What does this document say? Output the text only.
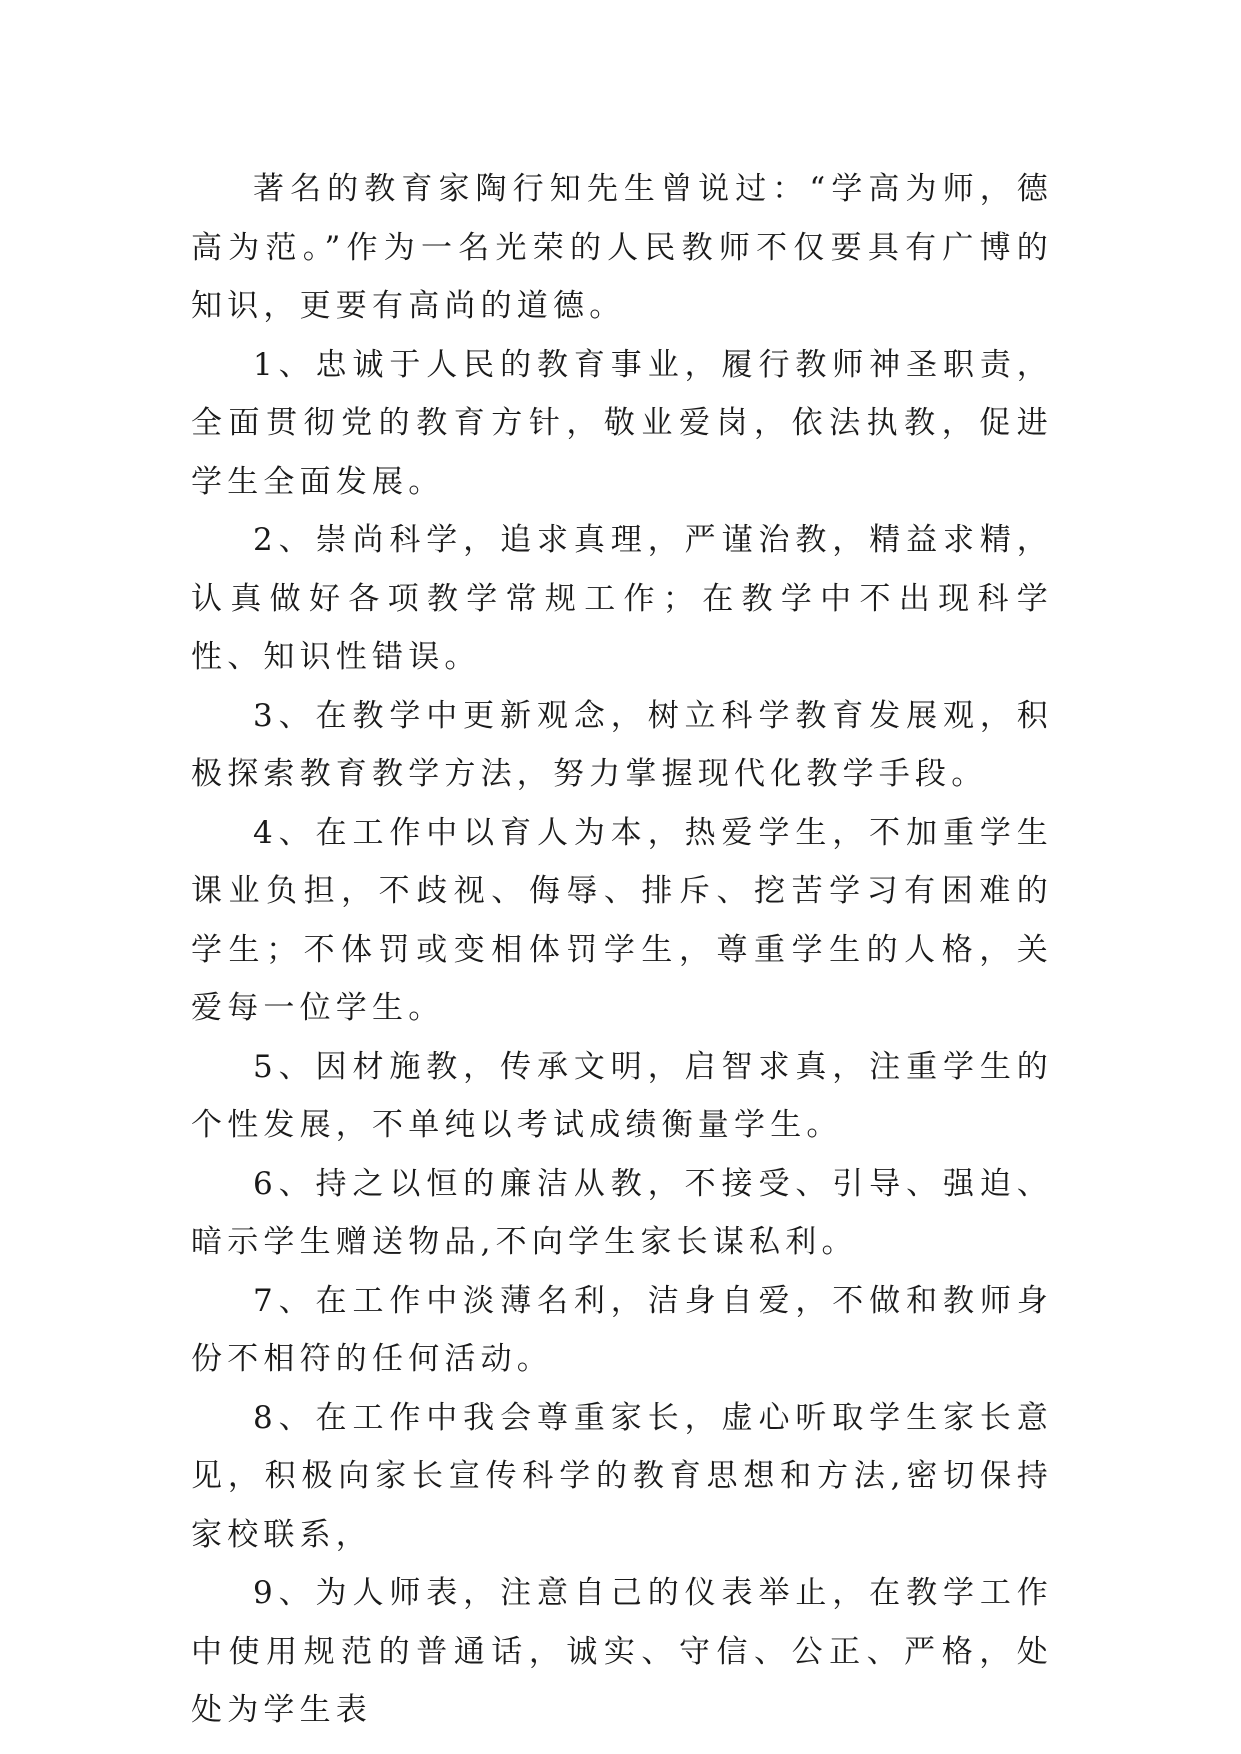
著名的教育家陶行知先生曾说过：“学高为师，德高为范。”作为一名光荣的人民教师不仅要具有广博的知识，更要有高尚的道德。

1、忠诚于人民的教育事业，履行教师神圣职责，全面贯彻党的教育方针，敬业爱岗，依法执教，促进学生全面发展。

2、崇尚科学，追求真理，严谨治教，精益求精，认真做好各项教学常规工作；在教学中不出现科学性、知识性错误。

3、在教学中更新观念，树立科学教育发展观，积极探索教育教学方法，努力掌握现代化教学手段。

4、在工作中以育人为本，热爱学生，不加重学生课业负担，不歧视、侮辱、排斥、挖苦学习有困难的学生；不体罚或变相体罚学生，尊重学生的人格，关爱每一位学生。

5、因材施教，传承文明，启智求真，注重学生的个性发展，不单纯以考试成绩衡量学生。

6、持之以恒的廉洁从教，不接受、引导、强迫、暗示学生赠送物品,不向学生家长谋私利。

7、在工作中淡薄名利，洁身自爱，不做和教师身份不相符的任何活动。

8、在工作中我会尊重家长，虚心听取学生家长意见，积极向家长宣传科学的教育思想和方法,密切保持家校联系，

9、为人师表，注意自己的仪表举止，在教学工作中使用规范的普通话，诚实、守信、公正、严格，处处为学生表
